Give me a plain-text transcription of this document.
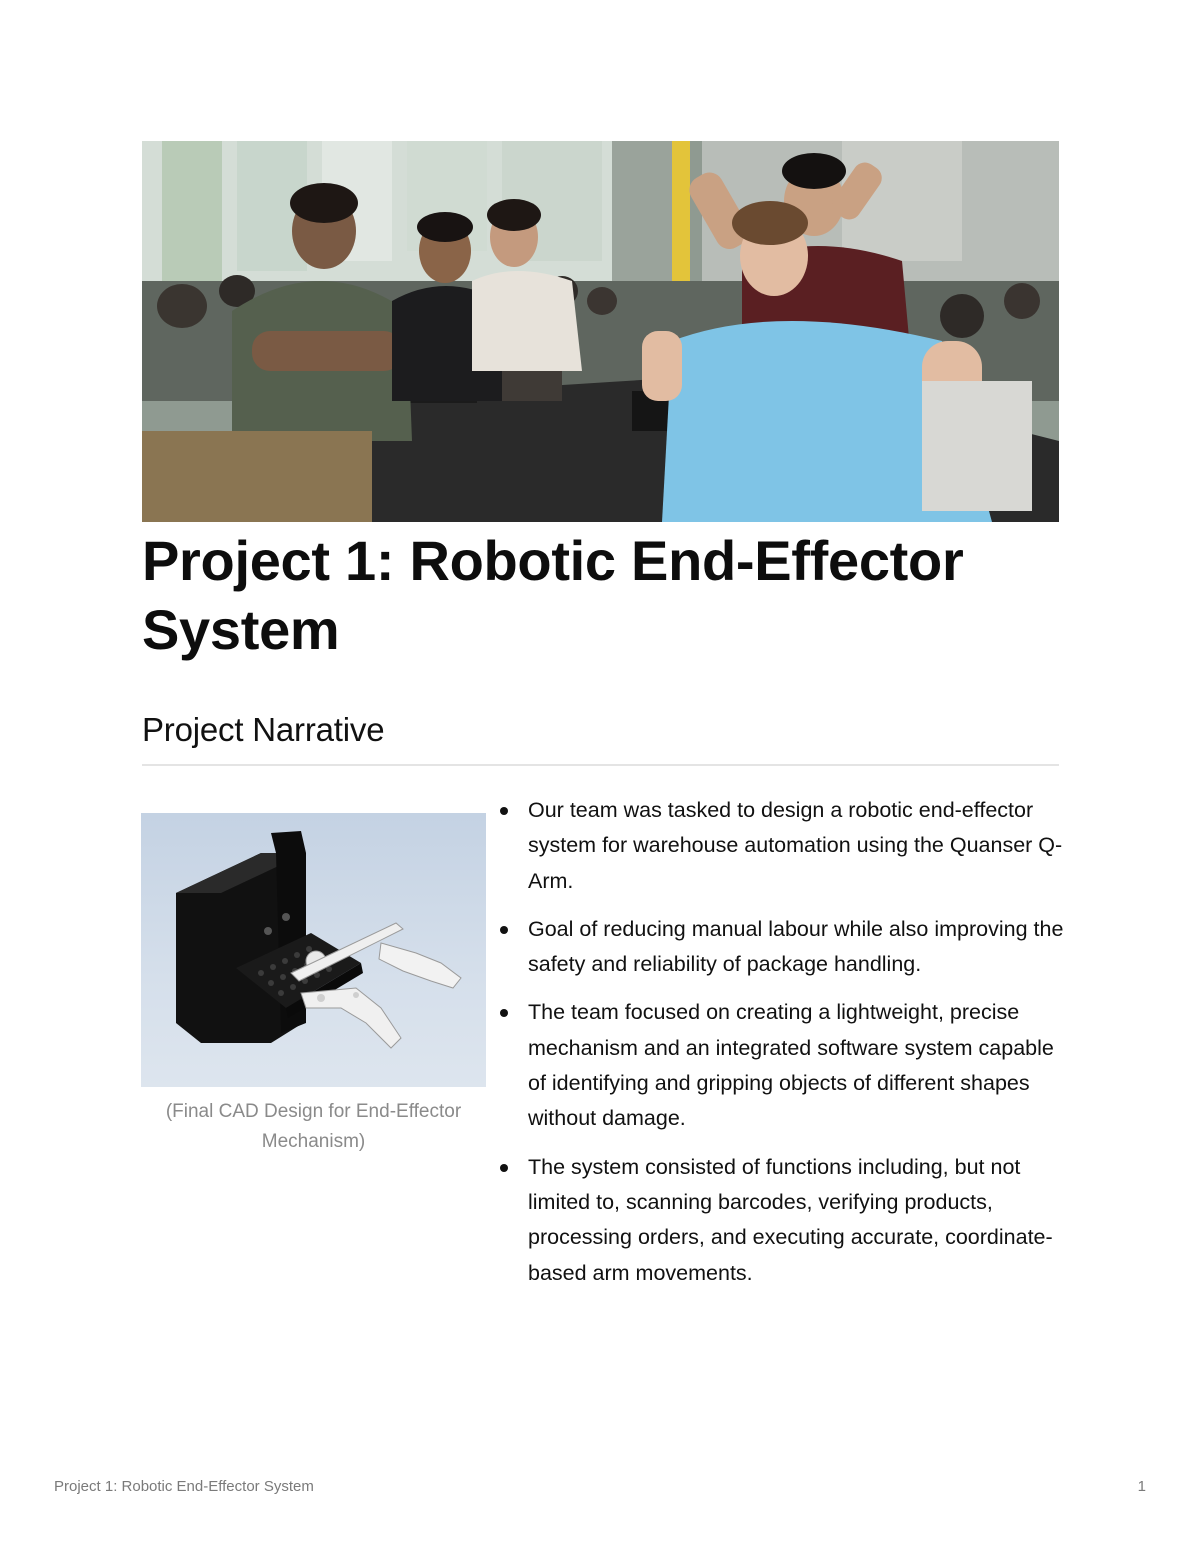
Project 1: Robotic End-Effector System
Project Narrative

(Final CAD Design for End-Effector Mechanism)

Our team was tasked to design a robotic end-effector system for warehouse automation using the Quanser Q-Arm.
Goal of reducing manual labour while also improving the safety and reliability of package handling.
The team focused on creating a lightweight, precise mechanism and an integrated software system capable of identifying and gripping objects of different shapes without damage.
The system consisted of functions including, but not limited to, scanning barcodes, verifying products, processing orders, and executing accurate, coordinate-based arm movements.

Project 1: Robotic End-Effector System	1
